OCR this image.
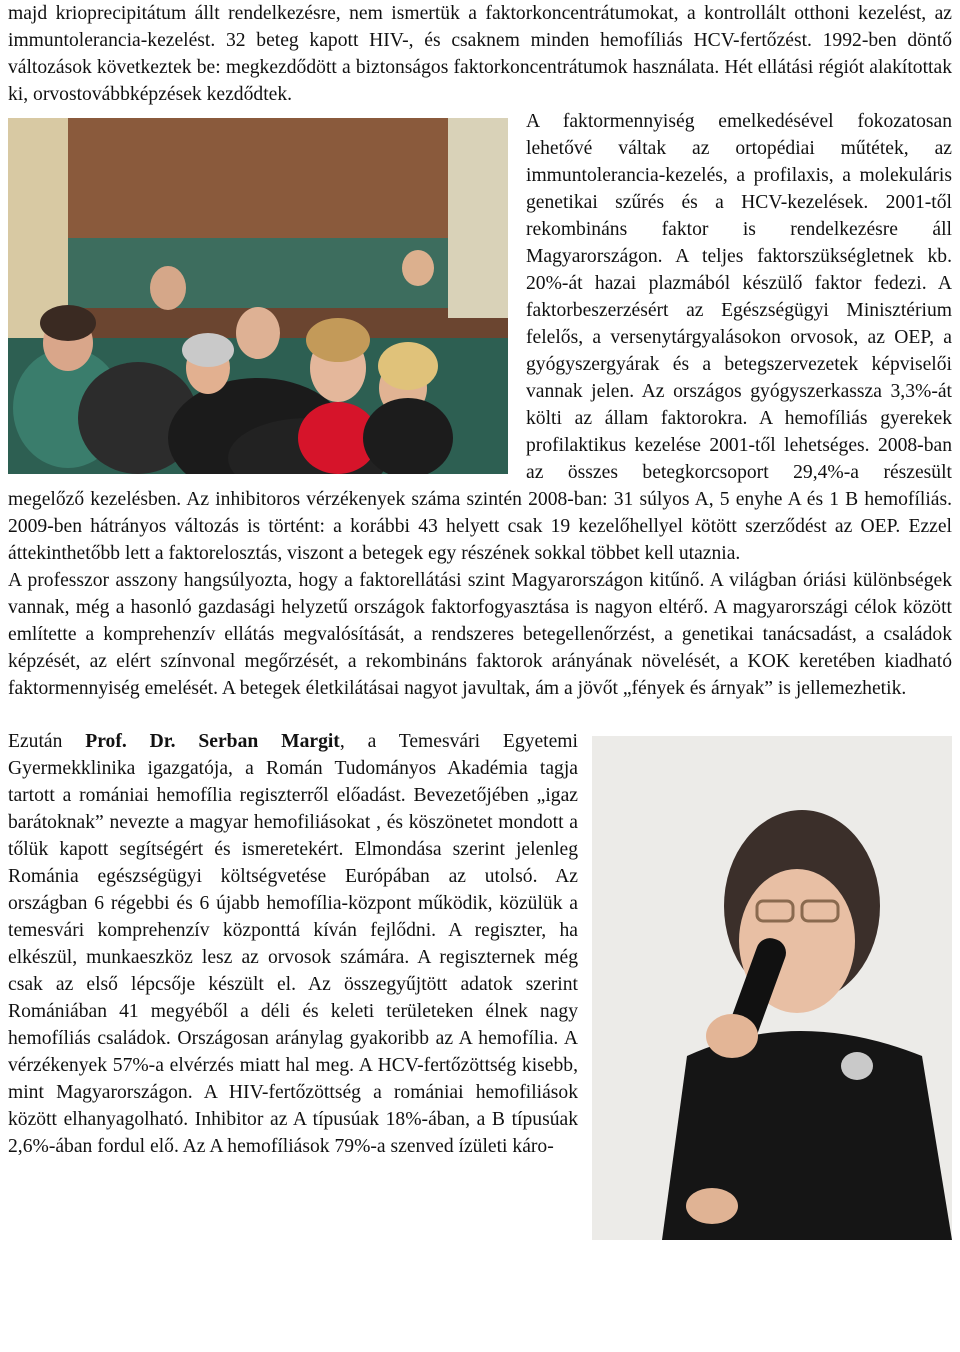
majd krioprecipitátum állt rendelkezésre, nem ismertük a faktorkoncentrátumokat, a kontrollált otthoni kezelést, az immuntolerancia-kezelést. 32 beteg kapott HIV-, és csaknem minden hemofíliás HCV-fertőzést. 1992-ben döntő változások következtek be: megkezdődött a biztonságos faktorkoncentrátumok használata. Hét ellátási régiót alakítottak ki, orvostovábbképzések kezdődtek.

A faktormennyiség emelkedésével fokozatosan lehetővé váltak az ortopédiai műtétek, az immuntolerancia-kezelés, a profilaxis, a molekuláris genetikai szűrés és a HCV-kezelések. 2001-től rekombináns faktor is rendelkezésre áll Magyarországon. A teljes faktorszükségletnek kb. 20%-át hazai plazmából készülő faktor fedezi. A faktorbeszerzésért az Egészségügyi Minisztérium felelős, a versenytárgyalásokon orvosok, az OEP, a gyógyszergyárak és a betegszervezetek képviselői vannak jelen. Az országos gyógyszerkassza 3,3%-át költi az állam faktorokra. A hemofíliás gyerekek profilaktikus kezelése 2001-től lehetséges. 2008-ban az összes betegkorcsoport 29,4%-a részesült megelőző kezelésben. Az inhibitoros vérzékenyek száma szintén 2008-ban: 31 súlyos A, 5 enyhe A és 1 B hemofíliás. 2009-ben hátrányos változás is történt: a korábbi 43 helyett csak 19 kezelőhellyel kötött szerződést az OEP. Ezzel áttekinthetőbb lett a faktorelosztás, viszont a betegek egy részének sokkal többet kell utaznia.

A professzor asszony hangsúlyozta, hogy a faktorellátási szint Magyarországon kitűnő. A világban óriási különbségek vannak, még a hasonló gazdasági helyzetű országok faktorfogyasztása is nagyon eltérő. A magyarországi célok között említette a komprehenzív ellátás megvalósítását, a rendszeres betegellenőrzést, a genetikai tanácsadást, a családok képzését, az elért színvonal megőrzését, a rekombináns faktorok arányának növelését, a KOK keretében kiadható faktormennyiség emelését. A betegek életkilátásai nagyot javultak, ám a jövőt „fények és árnyak” is jellemezhetik.

Ezután Prof. Dr. Serban Margit, a Temesvári Egyetemi Gyermekklinika igazgatója, a Román Tudományos Akadémia tagja tartott a romániai hemofília regiszterről előadást. Bevezetőjében „igaz barátoknak” nevezte a magyar hemofiliásokat , és köszönetet mondott a tőlük kapott segítségért és ismeretekért. Elmondása szerint jelenleg Románia egészségügyi költségvetése Európában az utolsó. Az országban 6 régebbi és 6 újabb hemofília-központ működik, közülük a temesvári komprehenzív központtá kíván fejlődni. A regiszter, ha elkészül, munkaeszköz lesz az orvosok számára. A regiszternek még csak az első lépcsője készült el. Az összegyűjtött adatok szerint Romániában 41 megyéből a déli és keleti területeken élnek nagy hemofíliás családok. Országosan aránylag gyakoribb az A hemofília. A vérzékenyek 57%-a elvérzés miatt hal meg. A HCV-fertőzöttség kisebb, mint Magyarországon. A HIV-fertőzöttség a romániai hemofiliások között elhanyagolható. Inhibitor az A típusúak 18%-ában, a B típusúak 2,6%-ában fordul elő. Az A hemofíliások 79%-a szenved ízületi káro-
